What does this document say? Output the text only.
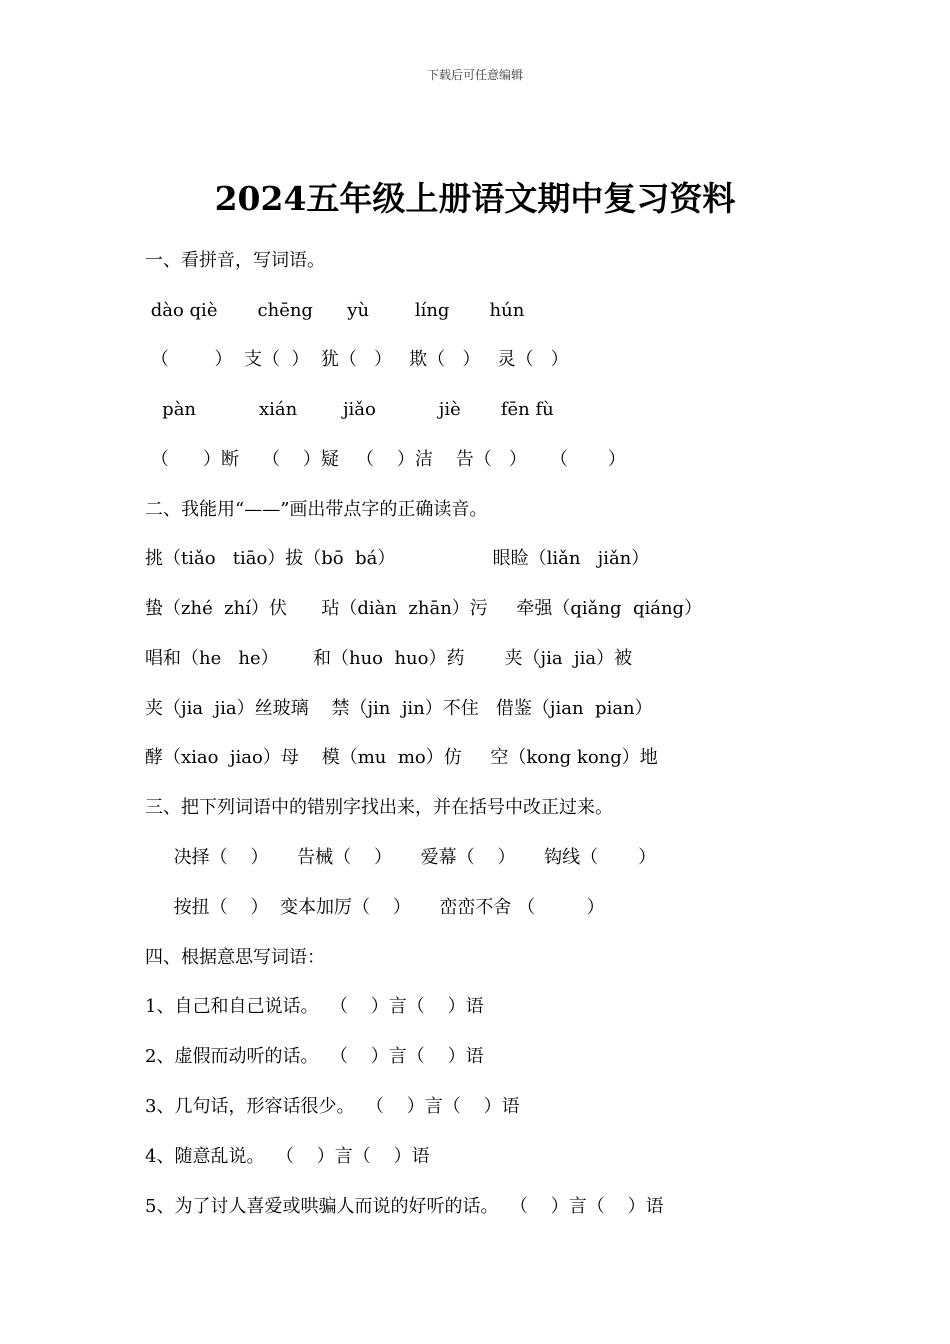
下载后可任意编辑
2024五年级上册语文期中复习资料
一、看拼音，写词语。
dào qiè       chēng      yù        líng       hún
（        ）  支（  ）  犹（   ）   欺（   ）   灵（   ）
pàn           xián        jiǎo           jiè       fēn fù
（      ）断    （    ）疑   （    ）洁    告（   ）    （       ）
二、我能用“——”画出带点字的正确读音。
挑（tiǎo   tiāo）拔（bō  bá）                 眼睑（liǎn   jiǎn）
蛰（zhé  zhí）伏      玷（diàn  zhān）污     牵强（qiǎng  qiáng）
唱和（he   he）      和（huo  huo）药       夹（jia  jia）被
夹（jia  jia）丝玻璃    禁（jin  jin）不住   借鉴（jian  pian）
酵（xiao  jiao）母    模（mu  mo）仿     空（kong kong）地
三、把下列词语中的错别字找出来，并在括号中改正过来。
决择（    ）     告械（    ）     爱幕（    ）     钩线（       ）
按扭（    ）  变本加厉（    ）     峦峦不舍 （         ）
四、根据意思写词语：
1、自己和自己说话。  （    ）言（    ）语
2、虚假而动听的话。  （    ）言（    ）语
3、几句话，形容话很少。  （    ）言（    ）语
4、随意乱说。  （    ）言（    ）语
5、为了讨人喜爱或哄骗人而说的好听的话。  （    ）言（    ）语
